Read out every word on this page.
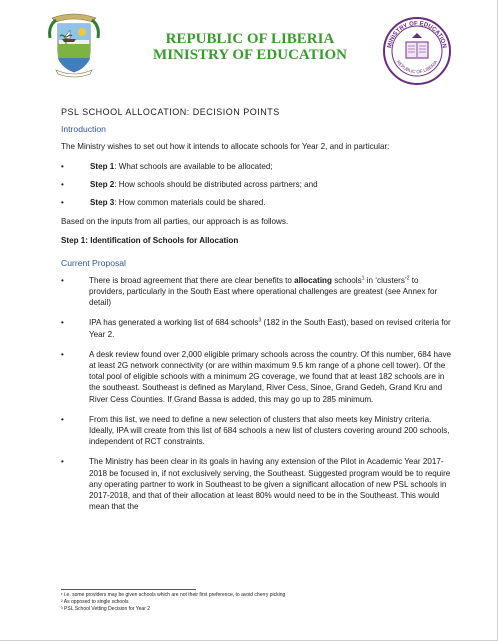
REPUBLIC OF LIBERIA
MINISTRY OF EDUCATION
MINISTRY OF EDUCATION
REPUBLIC OF LIBERIA
PSL SCHOOL ALLOCATION: DECISION POINTS
Introduction

The Ministry wishes to set out how it intends to allocate schools for Year 2, and in particular:

• Step 1: What schools are available to be allocated;
• Step 2: How schools should be distributed across partners; and
• Step 3: How common materials could be shared.

Based on the inputs from all parties, our approach is as follows.

Step 1: Identification of Schools for Allocation
Current Proposal
• There is broad agreement that there are clear benefits to allocating schools$^1$ in ‘clusters’$^2$ to providers, particularly in the South East where operational challenges are greatest (see Annex for detail)
• IPA has generated a working list of 684 schools$^3$ (182 in the South East), based on revised criteria for Year 2.
• A desk review found over 2,000 eligible primary schools across the country. Of this number, 684 have at least 2G network connectivity (or are within maximum 9.5 km range of a phone cell tower). Of the total pool of eligible schools with a minimum 2G coverage, we found that at least 182 schools are in the southeast. Southeast is defined as Maryland, River Cess, Sinoe, Grand Gedeh, Grand Kru and River Cess Counties. If Grand Bassa is added, this may go up to 285 minimum.
• From this list, we need to define a new selection of clusters that also meets key Ministry criteria. Ideally, IPA will create from this list of 684 schools a new list of clusters covering around 200 schools, independent of RCT constraints.
• The Ministry has been clear in its goals in having any extension of the Pilot in Academic Year 2017-2018 be focused in, if not exclusively serving, the Southeast. Suggested program would be to require any operating partner to work in Southeast to be given a significant allocation of new PSL schools in 2017-2018, and that of their allocation at least 80% would need to be in the Southeast. This would mean that the
¹ i.e. some providers may be given schools which are not their first preference, to avoid cherry picking
² As opposed to single schools
³ PSL School Vetting Decision for Year 2
